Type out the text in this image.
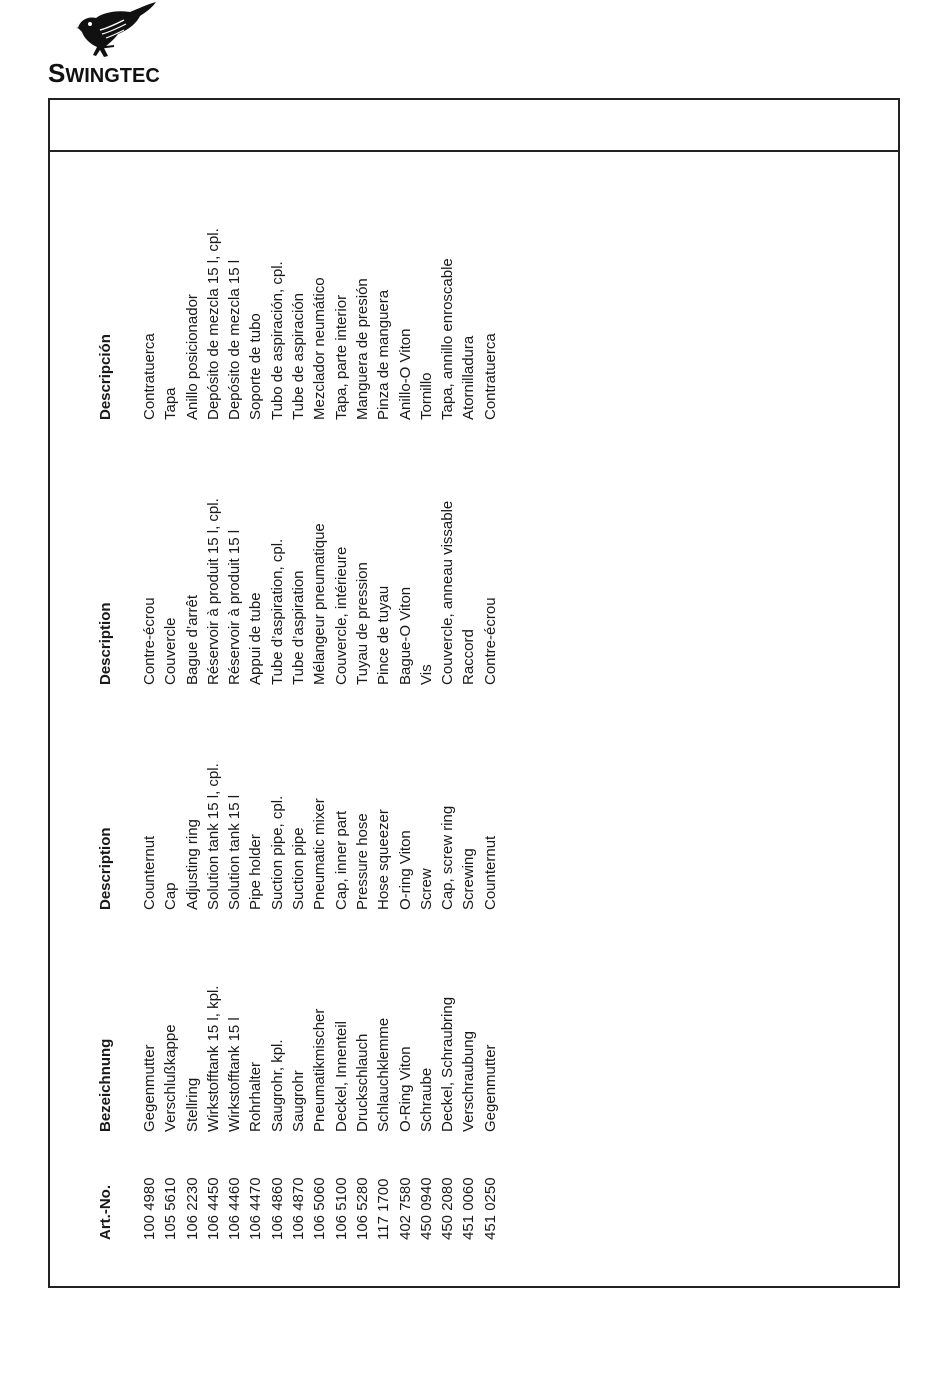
SWINGTEC
Art.-No. 100 4980 105 5610 106 2230 106 4450 106 4460 106 4470 106 4860 106 4870 106 5060 106 5100 106 5280 117 1700 402 7580 450 0940 450 2080 451 0060 451 0250
Bezeichnung Gegenmutter Verschlußkappe Stellring Wirkstofftank 15 l, kpl. Wirkstofftank 15 l Rohrhalter Saugrohr, kpl. Saugrohr Pneumatikmischer Deckel, Innenteil Druckschlauch Schlauchklemme O-Ring Viton Schraube Deckel, Schraubring Verschraubung Gegenmutter
Description Counternut Cap Adjusting ring Solution tank 15 l, cpl. Solution tank 15 l Pipe holder Suction pipe, cpl. Suction pipe Pneumatic mixer Cap, inner part Pressure hose Hose squeezer O-ring Viton Screw Cap, screw ring Screwing Counternut
Description Contre-écrou Couvercle Bague d’arrêt Réservoir à produit 15 l, cpl. Réservoir à produit 15 l Appui de tube Tube d’aspiration, cpl. Tube d’aspiration Mélangeur pneumatique Couvercle, intérieure Tuyau de pression Pince de tuyau Bague-O Viton Vis Couvercle, anneau vissable Raccord Contre-écrou
Descripción Contratuerca Tapa Anillo posicionador Depósito de mezcla 15 l, cpl. Depósito de mezcla 15 l Soporte de tubo Tubo de aspiración, cpl. Tube de aspiración Mezclador neumático Tapa, parte interior Manguera de presión Pinza de manguera Anillo-O Viton Tornillo Tapa, annillo enroscable Atornilladura Contratuerca
